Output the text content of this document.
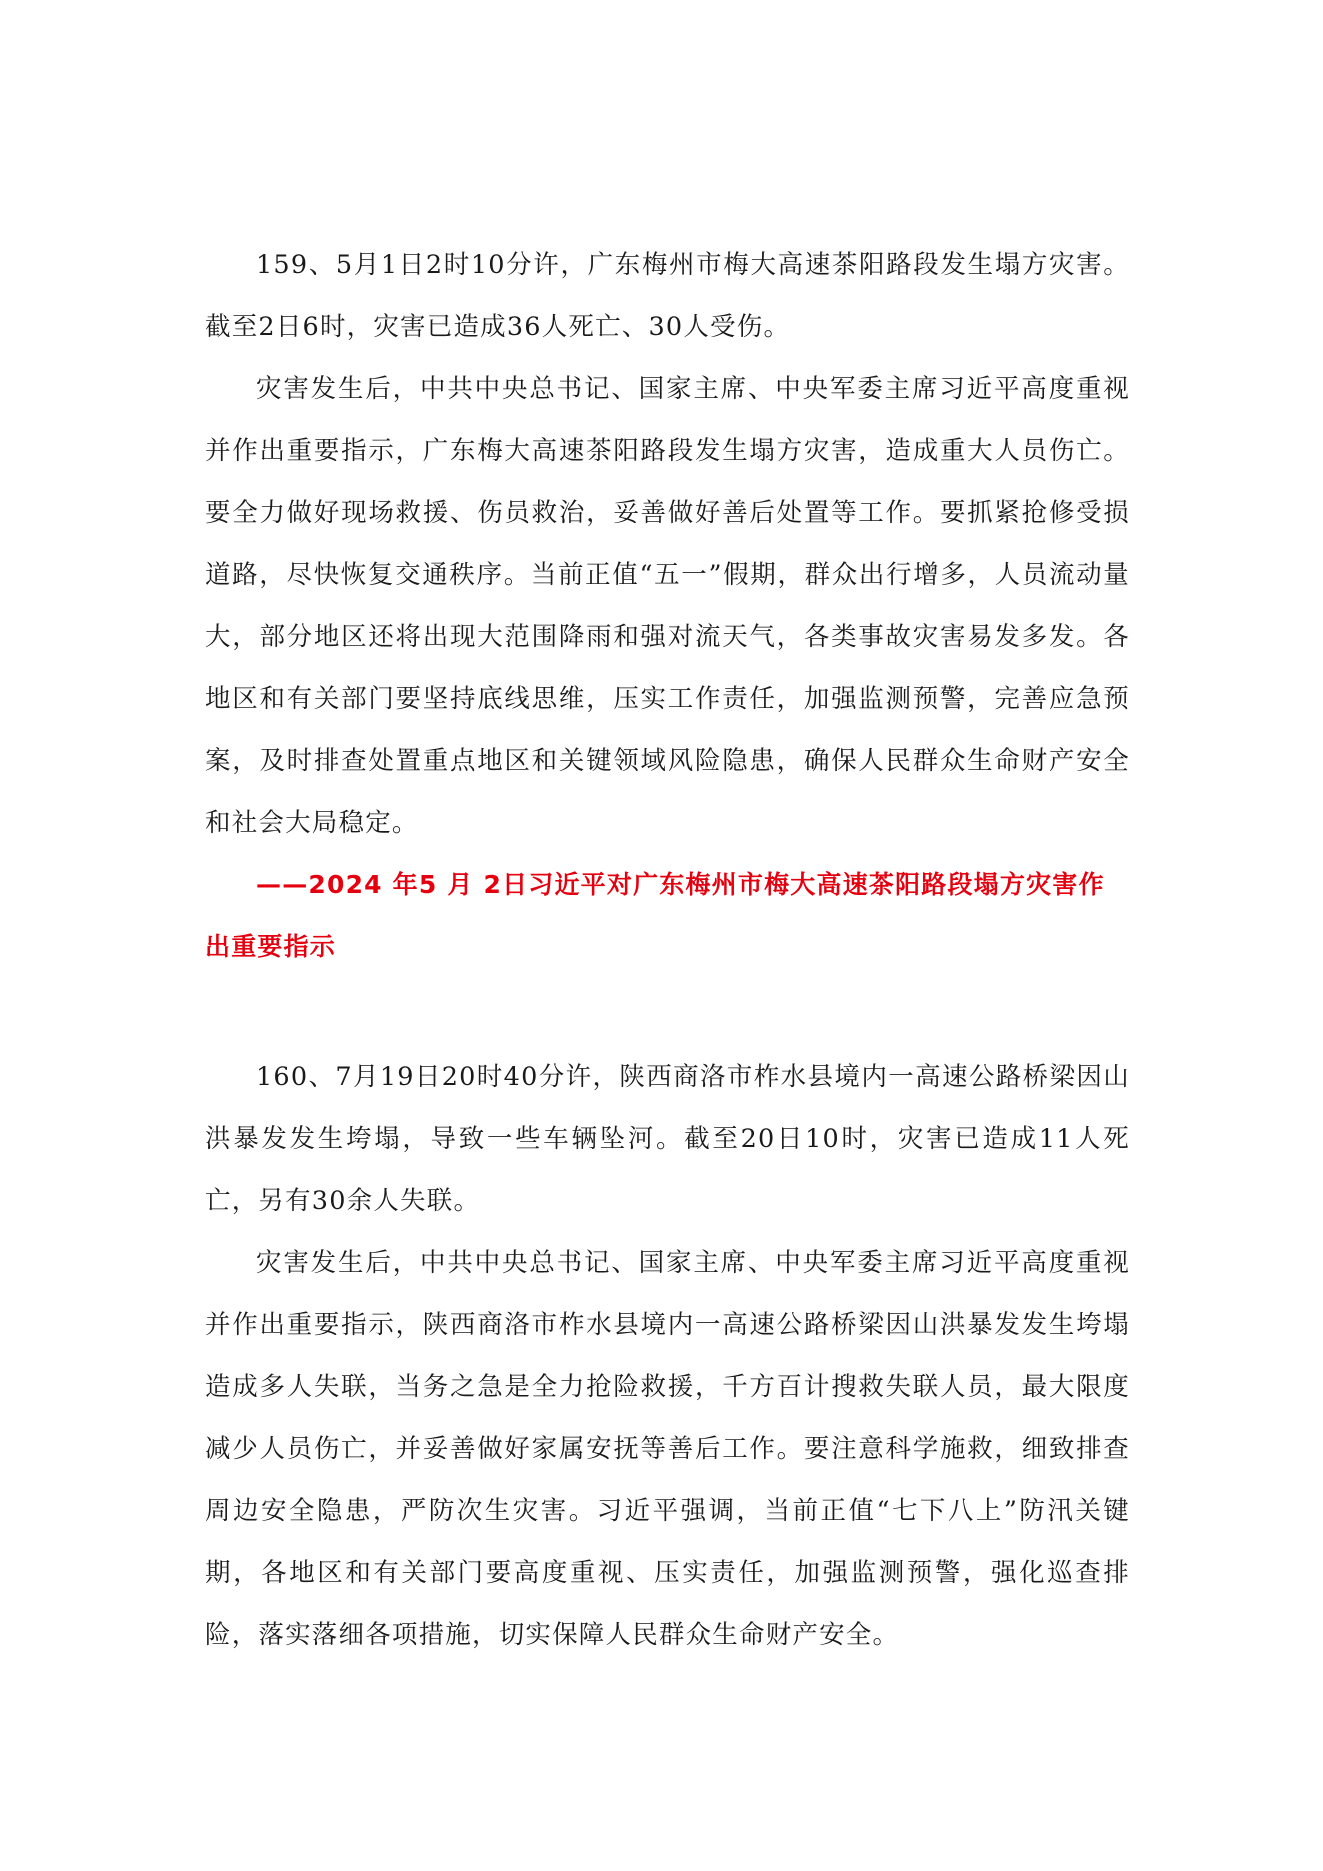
159、5月1日2时10分许，广东梅州市梅大高速茶阳路段发生塌方灾害。截至2日6时，灾害已造成36人死亡、30人受伤。

灾害发生后，中共中央总书记、国家主席、中央军委主席习近平高度重视并作出重要指示，广东梅大高速茶阳路段发生塌方灾害，造成重大人员伤亡。要全力做好现场救援、伤员救治，妥善做好善后处置等工作。要抓紧抢修受损道路，尽快恢复交通秩序。当前正值“五一”假期，群众出行增多，人员流动量大，部分地区还将出现大范围降雨和强对流天气，各类事故灾害易发多发。各地区和有关部门要坚持底线思维，压实工作责任，加强监测预警，完善应急预案，及时排查处置重点地区和关键领域风险隐患，确保人民群众生命财产安全和社会大局稳定。

——2024 年5 月 2日习近平对广东梅州市梅大高速茶阳路段塌方灾害作出重要指示

160、7月19日20时40分许，陕西商洛市柞水县境内一高速公路桥梁因山洪暴发发生垮塌，导致一些车辆坠河。截至20日10时，灾害已造成11人死亡，另有30余人失联。

灾害发生后，中共中央总书记、国家主席、中央军委主席习近平高度重视并作出重要指示，陕西商洛市柞水县境内一高速公路桥梁因山洪暴发发生垮塌造成多人失联，当务之急是全力抢险救援，千方百计搜救失联人员，最大限度减少人员伤亡，并妥善做好家属安抚等善后工作。要注意科学施救，细致排查周边安全隐患，严防次生灾害。习近平强调，当前正值“七下八上”防汛关键期，各地区和有关部门要高度重视、压实责任，加强监测预警，强化巡查排险，落实落细各项措施，切实保障人民群众生命财产安全。
